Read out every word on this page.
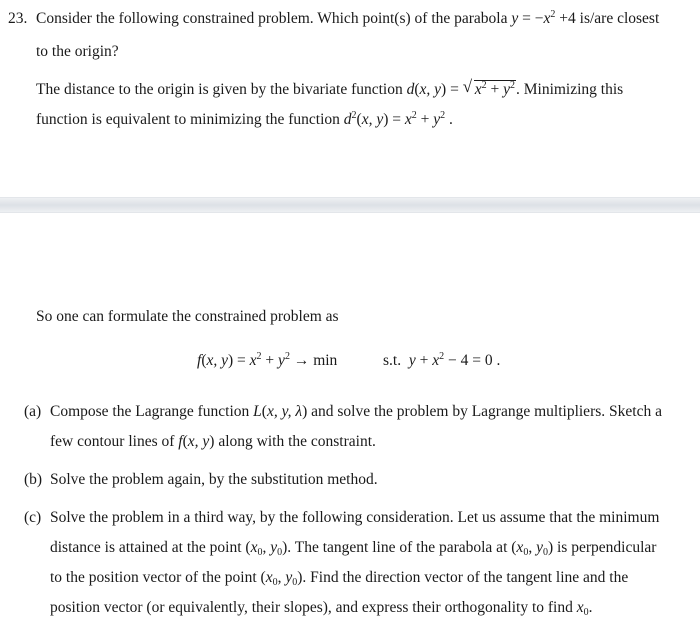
23. Consider the following constrained problem. Which point(s) of the parabola $y = -x^2 +4$ is/are closest
to the origin?
The distance to the origin is given by the bivariate function d(x, y) = √ $x^2 + y^2$. Minimizing this
function is equivalent to minimizing the function $d^2(x$, $y) = x^2 + y^2$ .
So one can formulate the constrained problem as
f(x, $y) = x^2 + y^2 \to \min$	s.t. $y + x^2 - 4 = 0$ .
(a) Compose the Lagrange function L(x, y, λ) and solve the problem by Lagrange multipliers. Sketch a
few contour lines of f(x, y) along with the constraint.
(b) Solve the problem again, by the substitution method.
(c) Solve the problem in a third way, by the following consideration. Let us assume that the minimum
distance is attained at the point ($x_0$, $y_0$). The tangent line of the parabola at ($x_0$, $y_0$) is perpendicular
to the position vector of the point ($x_0$, $y_0$). Find the direction vector of the tangent line and the
position vector (or equivalently, their slopes), and express their orthogonality to find $x_0$.
